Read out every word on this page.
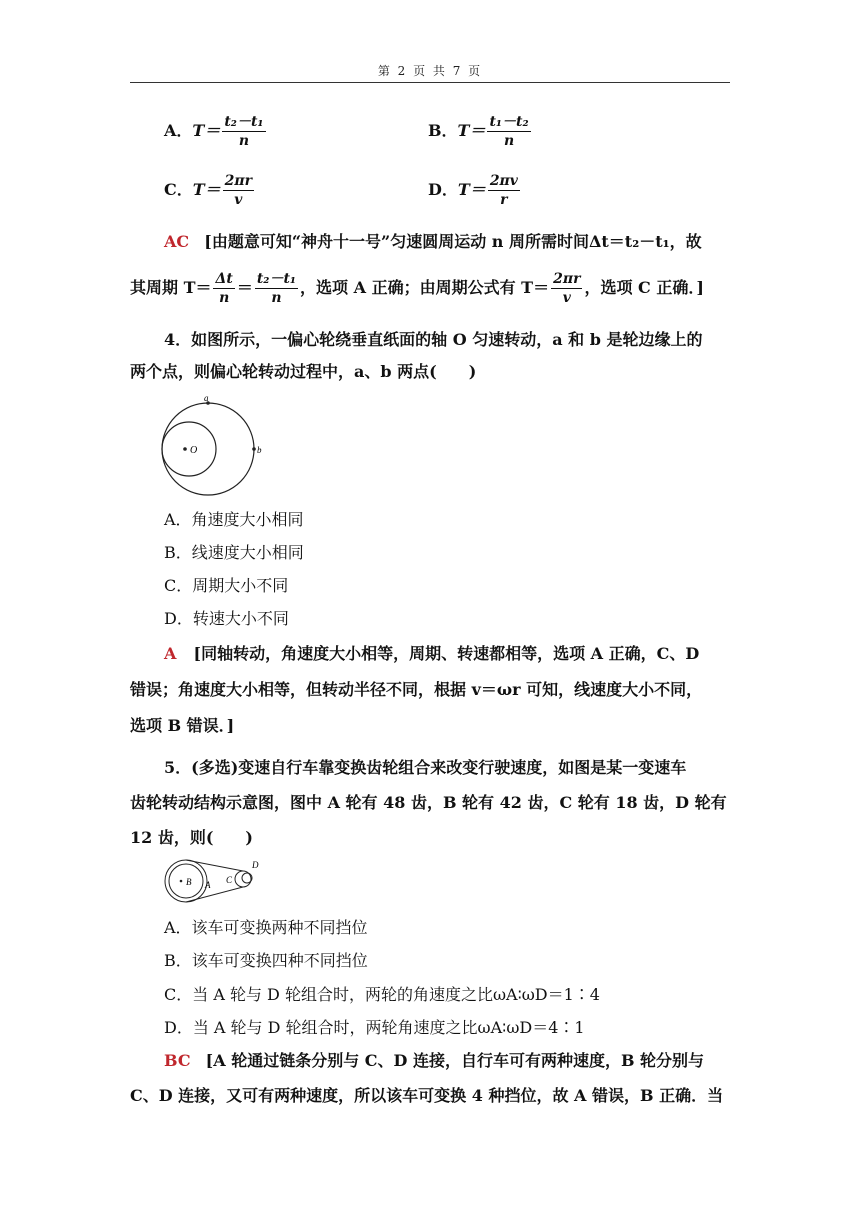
第 2 页 共 7 页
A．$T= \frac{\text{t₂－t₁}}{n}$	B．$T= \frac{\text{t₁－t₂}}{n}$
C．$T= \frac{2\pi r}{v}$	D．$T= \frac{2\pi v}{r}$
AC [由题意可知“神舟十一号”匀速圆周运动 n 周所需时间Δt＝t₂－t₁，故
其周期 $T= \frac{\Delta t}{n} = \frac{\text{t₂－t₁}}{n}$ ，选项 A 正确；由周期公式有 $T= \frac{2\pi r}{v}$ ，选项 C 正确．]
4．如图所示，一偏心轮绕垂直纸面的轴 O 匀速转动，a 和 b 是轮边缘上的
两个点，则偏心轮转动过程中，a、b 两点(　　)
a
b
O
A．角速度大小相同
B．线速度大小相同
C．周期大小不同
D．转速大小不同
A [同轴转动，角速度大小相等，周期、转速都相等，选项 A 正确，C、D
错误；角速度大小相等，但转动半径不同，根据 v＝ωr 可知，线速度大小不同，
选项 B 错误．]
5．(多选)变速自行车靠变换齿轮组合来改变行驶速度，如图是某一变速车
齿轮转动结构示意图，图中 A 轮有 48 齿，B 轮有 42 齿，C 轮有 18 齿，D 轮有
12 齿，则(　　)
B A C
D
A．该车可变换两种不同挡位
B．该车可变换四种不同挡位
C．当 A 轮与 D 轮组合时，两轮的角速度之比ωA∶ωD＝1∶4
D．当 A 轮与 D 轮组合时，两轮角速度之比ωA∶ωD＝4∶1
BC [A 轮通过链条分别与 C、D 连接，自行车可有两种速度，B 轮分别与
C、D 连接，又可有两种速度，所以该车可变换 4 种挡位，故 A 错误，B 正确．当
